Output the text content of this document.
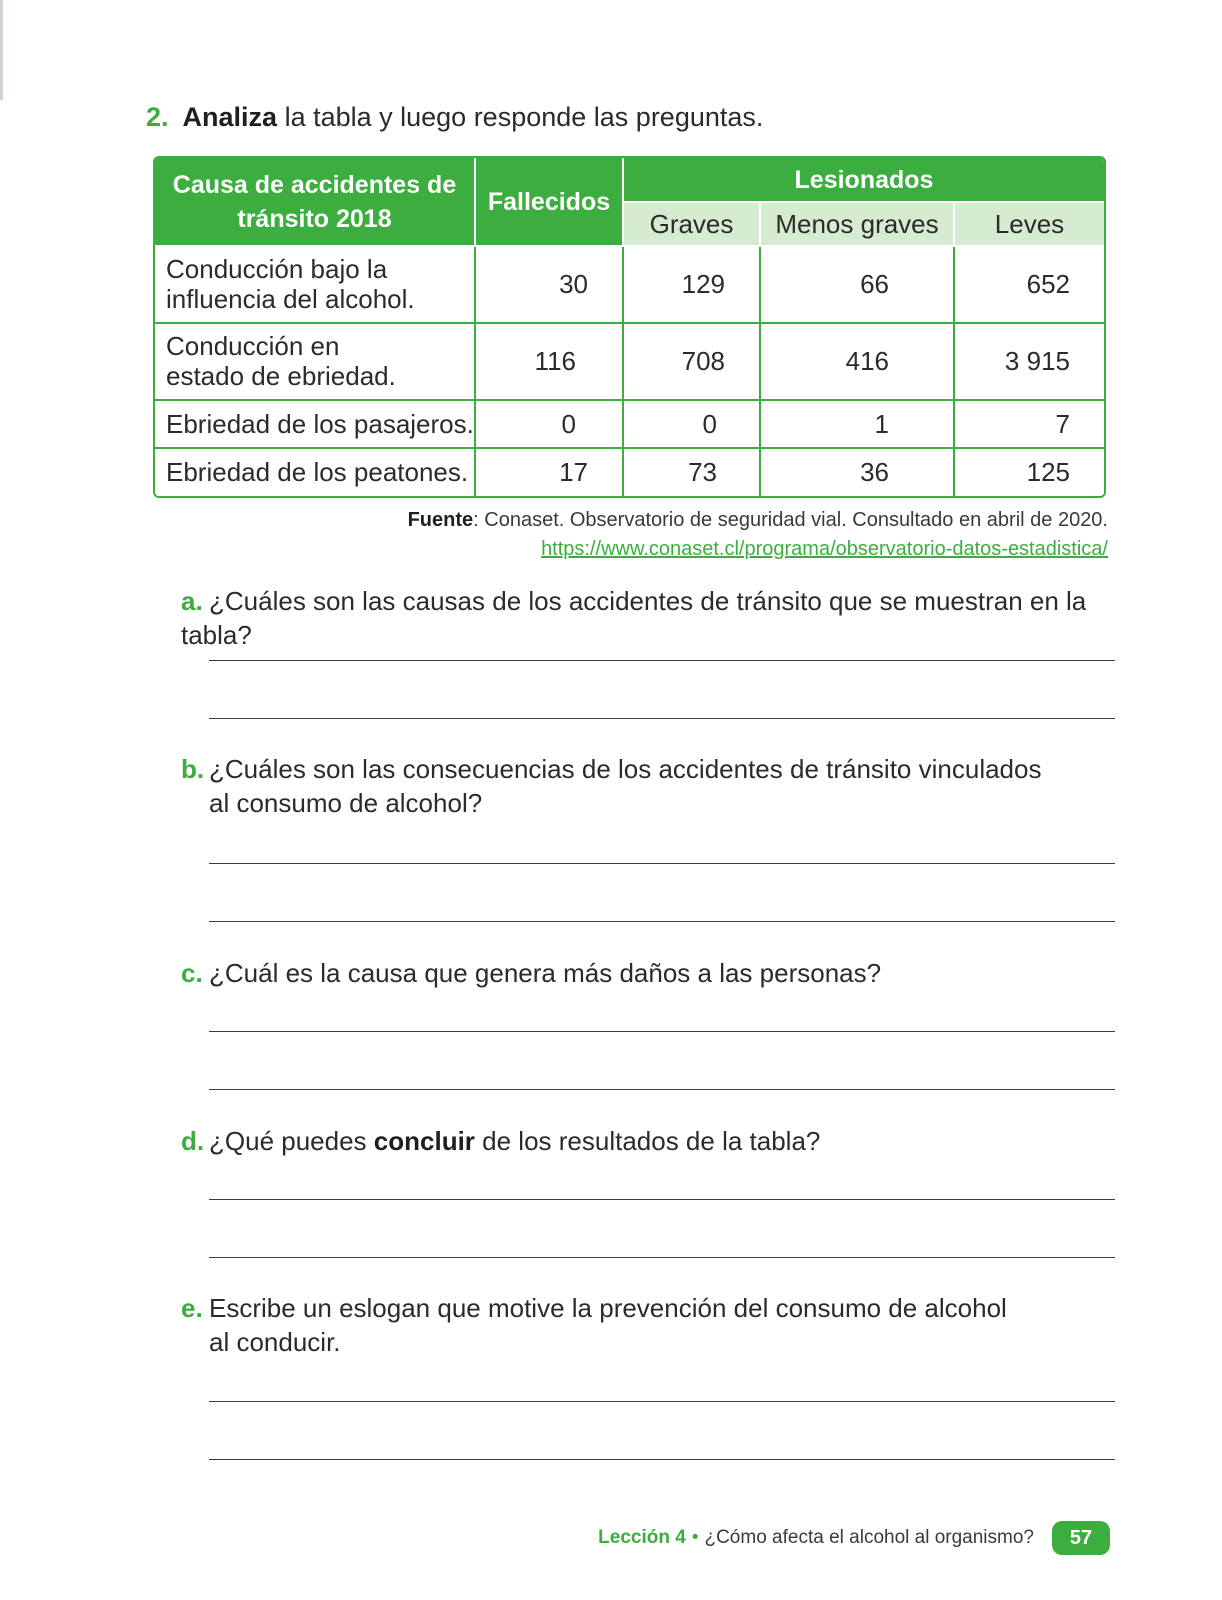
2. Analiza la tabla y luego responde las preguntas.
Causa de accidentes de tránsito 2018	Fallecidos	Lesionados		
		Graves	Menos graves	Leves
Conducción bajo la influencia del alcohol.	30	129	66	652
Conducción en estado de ebriedad.	116	708	416	3 915
Ebriedad de los pasajeros.	0	0	1	7
Ebriedad de los peatones.	17	73	36	125
Fuente: Conaset. Observatorio de seguridad vial. Consultado en abril de 2020.
https://www.conaset.cl/programa/observatorio-datos-estadistica/
a. ¿Cuáles son las causas de los accidentes de tránsito que se muestran en la tabla?
b. ¿Cuáles son las consecuencias de los accidentes de tránsito vinculados
al consumo de alcohol?
c. ¿Cuál es la causa que genera más daños a las personas?
d. ¿Qué puedes concluir de los resultados de la tabla?
e. Escribe un eslogan que motive la prevención del consumo de alcohol
al conducir.
Lección 4 • ¿Cómo afecta el alcohol al organismo?	57
